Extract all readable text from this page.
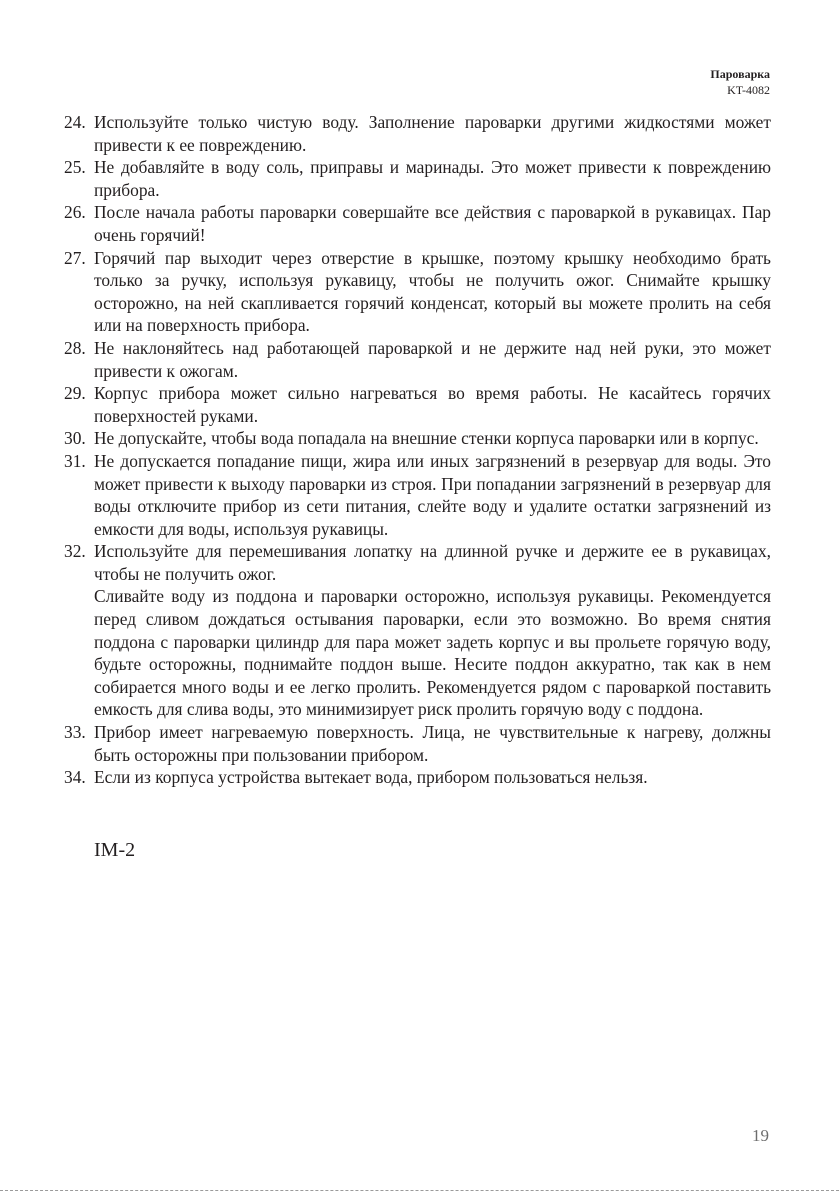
Пароварка
KT-4082
24. Используйте только чистую воду. Заполнение пароварки другими жидкостями может привести к ее повреждению.

25. Не добавляйте в воду соль, приправы и маринады. Это может привести к повреждению прибора.

26. После начала работы пароварки совершайте все действия с пароваркой в рукавицах. Пар очень горячий!

27. Горячий пар выходит через отверстие в крышке, поэтому крышку необходимо брать только за ручку, используя рукавицу, чтобы не получить ожог. Снимайте крышку осторожно, на ней скапливается горячий конденсат, который вы можете пролить на себя или на поверхность прибора.

28. Не наклоняйтесь над работающей пароваркой и не держите над ней руки, это может привести к ожогам.

29. Корпус прибора может сильно нагреваться во время работы. Не касайтесь горячих поверхностей руками.

30. Не допускайте, чтобы вода попадала на внешние стенки корпуса пароварки или в корпус.

31. Не допускается попадание пищи, жира или иных загрязнений в резервуар для воды. Это может привести к выходу пароварки из строя. При попадании загрязнений в резервуар для воды отключите прибор из сети питания, слейте воду и удалите остатки загрязнений из емкости для воды, используя рукавицы.

32. Используйте для перемешивания лопатку на длинной ручке и держите ее в рукавицах, чтобы не получить ожог.

Сливайте воду из поддона и пароварки осторожно, используя рукавицы. Рекомендуется перед сливом дождаться остывания пароварки, если это возможно. Во время снятия поддона с пароварки цилиндр для пара может задеть корпус и вы прольете горячую воду, будьте осторожны, поднимайте поддон выше. Несите поддон аккуратно, так как в нем собирается много воды и ее легко пролить. Рекомендуется рядом с пароваркой поставить емкость для слива воды, это минимизирует риск пролить горячую воду с поддона.

33. Прибор имеет нагреваемую поверхность. Лица, не чувствительные к нагреву, должны быть осторожны при пользовании прибором.

34. Если из корпуса устройства вытекает вода, прибором пользоваться нельзя.

IM-2
19
